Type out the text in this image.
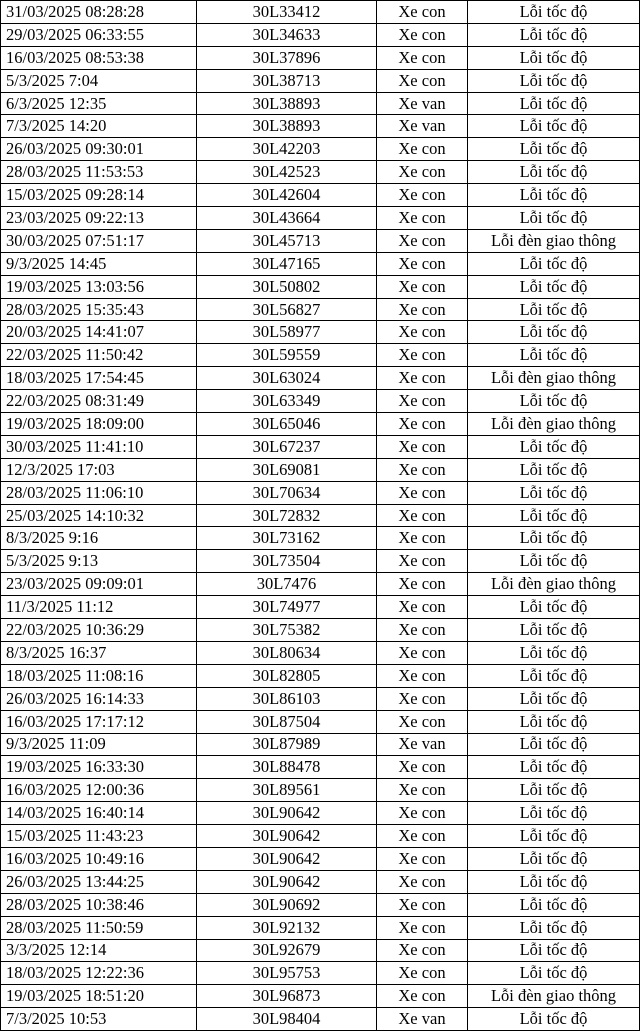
31/03/2025 08:28:28	30L33412	Xe con	Lỗi tốc độ
29/03/2025 06:33:55	30L34633	Xe con	Lỗi tốc độ
16/03/2025 08:53:38	30L37896	Xe con	Lỗi tốc độ
5/3/2025 7:04	30L38713	Xe con	Lỗi tốc độ
6/3/2025 12:35	30L38893	Xe van	Lỗi tốc độ
7/3/2025 14:20	30L38893	Xe van	Lỗi tốc độ
26/03/2025 09:30:01	30L42203	Xe con	Lỗi tốc độ
28/03/2025 11:53:53	30L42523	Xe con	Lỗi tốc độ
15/03/2025 09:28:14	30L42604	Xe con	Lỗi tốc độ
23/03/2025 09:22:13	30L43664	Xe con	Lỗi tốc độ
30/03/2025 07:51:17	30L45713	Xe con	Lỗi đèn giao thông
9/3/2025 14:45	30L47165	Xe con	Lỗi tốc độ
19/03/2025 13:03:56	30L50802	Xe con	Lỗi tốc độ
28/03/2025 15:35:43	30L56827	Xe con	Lỗi tốc độ
20/03/2025 14:41:07	30L58977	Xe con	Lỗi tốc độ
22/03/2025 11:50:42	30L59559	Xe con	Lỗi tốc độ
18/03/2025 17:54:45	30L63024	Xe con	Lỗi đèn giao thông
22/03/2025 08:31:49	30L63349	Xe con	Lỗi tốc độ
19/03/2025 18:09:00	30L65046	Xe con	Lỗi đèn giao thông
30/03/2025 11:41:10	30L67237	Xe con	Lỗi tốc độ
12/3/2025 17:03	30L69081	Xe con	Lỗi tốc độ
28/03/2025 11:06:10	30L70634	Xe con	Lỗi tốc độ
25/03/2025 14:10:32	30L72832	Xe con	Lỗi tốc độ
8/3/2025 9:16	30L73162	Xe con	Lỗi tốc độ
5/3/2025 9:13	30L73504	Xe con	Lỗi tốc độ
23/03/2025 09:09:01	30L7476	Xe con	Lỗi đèn giao thông
11/3/2025 11:12	30L74977	Xe con	Lỗi tốc độ
22/03/2025 10:36:29	30L75382	Xe con	Lỗi tốc độ
8/3/2025 16:37	30L80634	Xe con	Lỗi tốc độ
18/03/2025 11:08:16	30L82805	Xe con	Lỗi tốc độ
26/03/2025 16:14:33	30L86103	Xe con	Lỗi tốc độ
16/03/2025 17:17:12	30L87504	Xe con	Lỗi tốc độ
9/3/2025 11:09	30L87989	Xe van	Lỗi tốc độ
19/03/2025 16:33:30	30L88478	Xe con	Lỗi tốc độ
16/03/2025 12:00:36	30L89561	Xe con	Lỗi tốc độ
14/03/2025 16:40:14	30L90642	Xe con	Lỗi tốc độ
15/03/2025 11:43:23	30L90642	Xe con	Lỗi tốc độ
16/03/2025 10:49:16	30L90642	Xe con	Lỗi tốc độ
26/03/2025 13:44:25	30L90642	Xe con	Lỗi tốc độ
28/03/2025 10:38:46	30L90692	Xe con	Lỗi tốc độ
28/03/2025 11:50:59	30L92132	Xe con	Lỗi tốc độ
3/3/2025 12:14	30L92679	Xe con	Lỗi tốc độ
18/03/2025 12:22:36	30L95753	Xe con	Lỗi tốc độ
19/03/2025 18:51:20	30L96873	Xe con	Lỗi đèn giao thông
7/3/2025 10:53	30L98404	Xe van	Lỗi tốc độ
